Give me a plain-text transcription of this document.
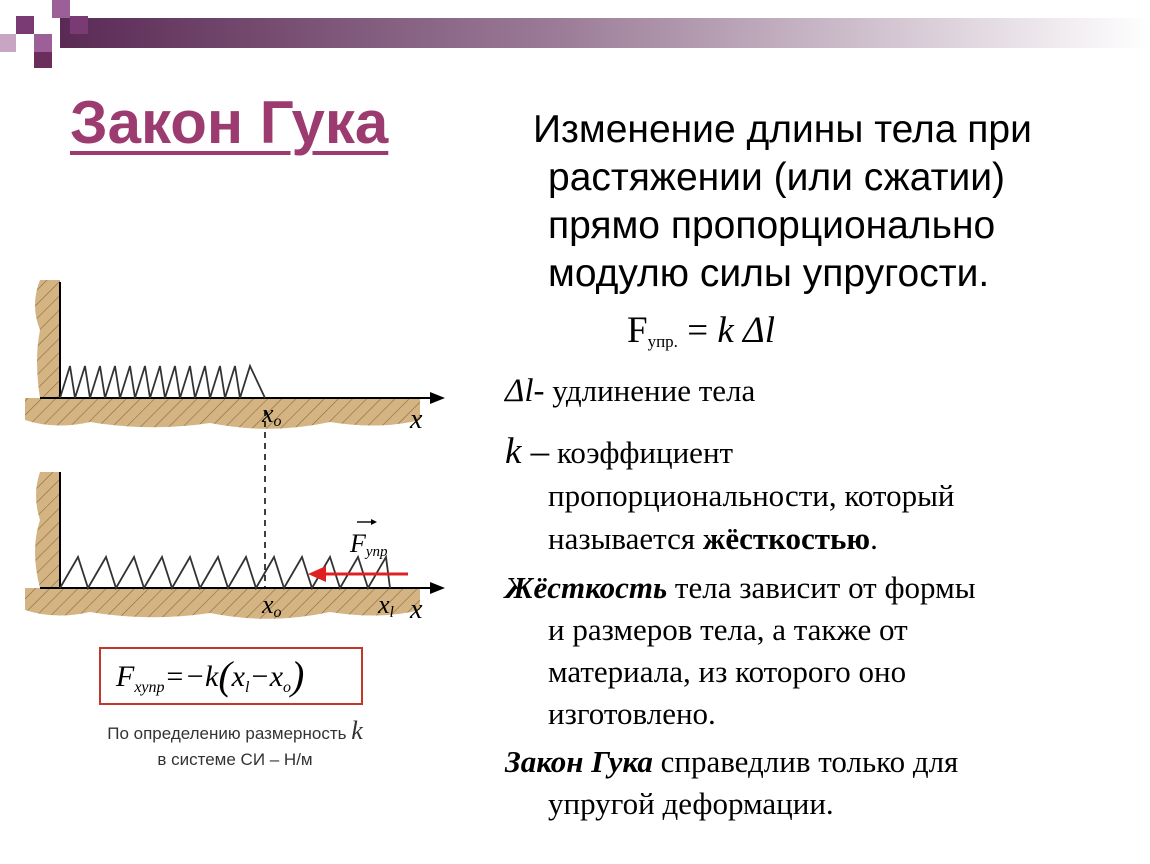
Закон Гука	Изменение длины тела при
растяжении (или сжатии)
прямо пропорционально
модулю силы упругости.
$F_{упр.} = k$ Δl
Δl- удлинение тела
k – коэффициент
пропорциональности, который
называется жёсткостью.
Жёсткость тела зависит от формы
и размеров тела, а также от
материала, из которого оно
изготовлено.
Закон Гука справедлив только для
упругой деформации.
xo	x
Fупр
xo	xl x
$F_{xупр}=-k(x_l-x_o)$
По определению размерность k
в системе СИ – Н/м
